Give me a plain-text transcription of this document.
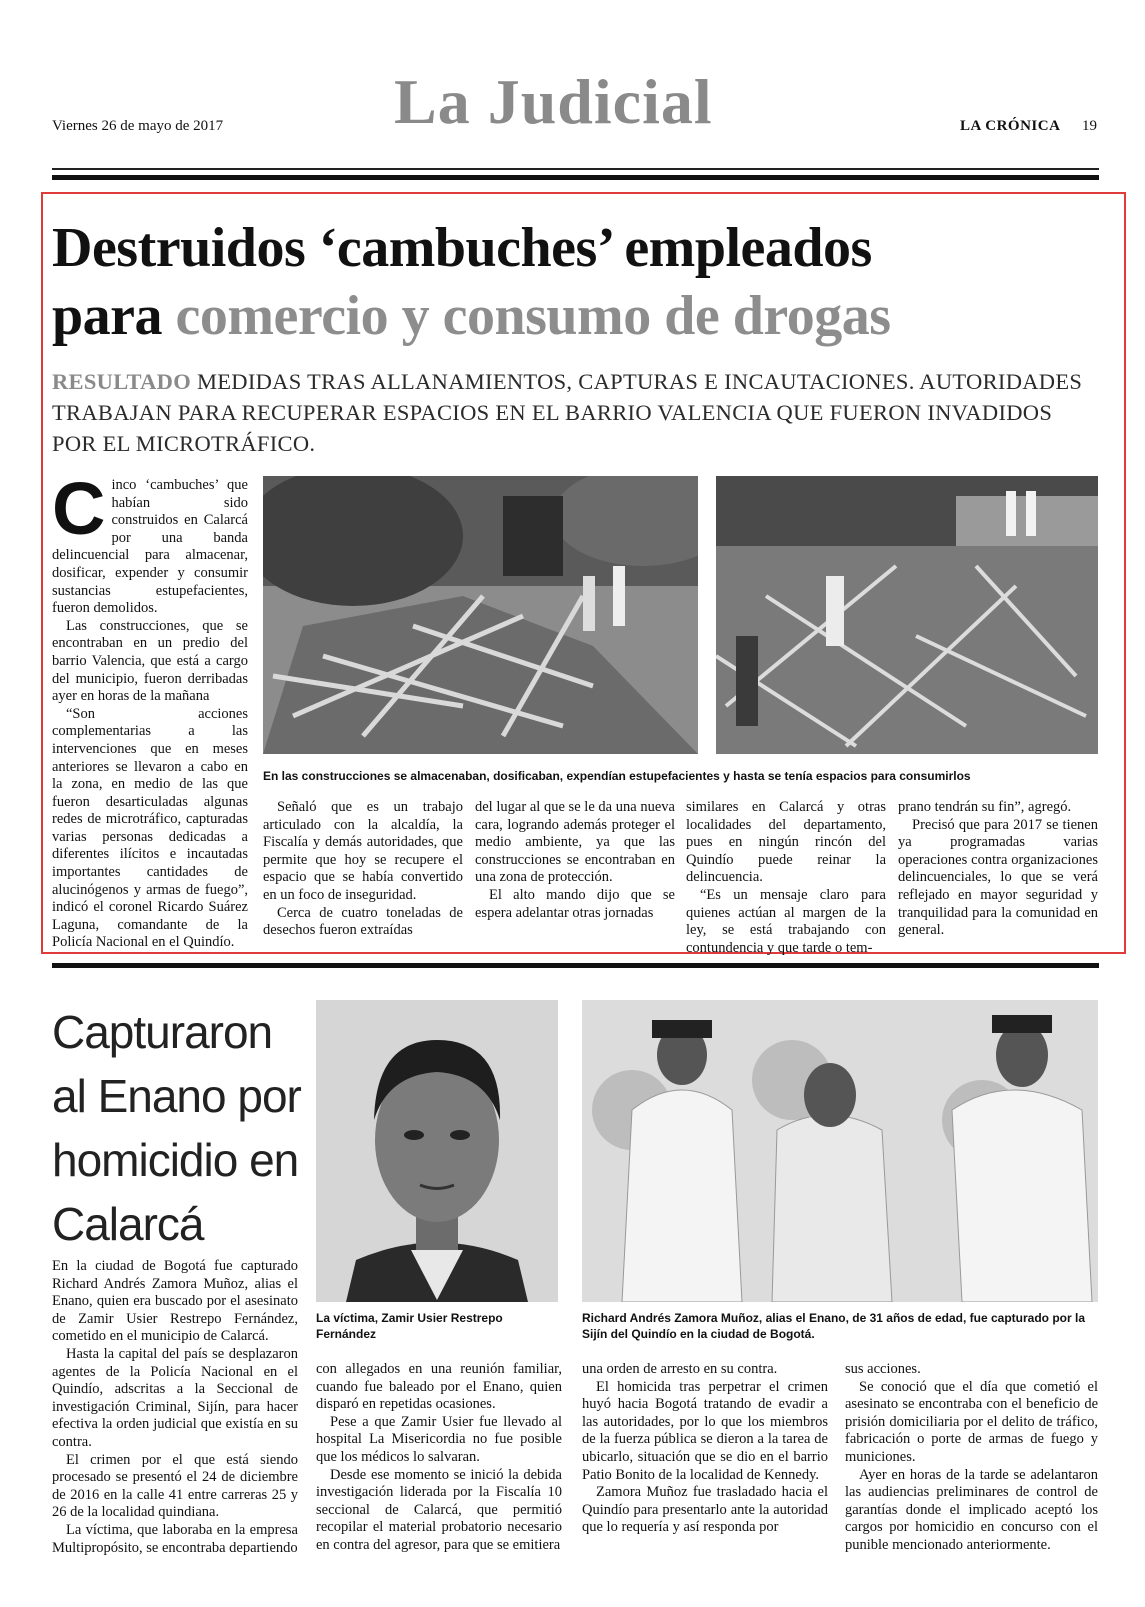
Viernes 26 de mayo de 2017	La Judicial	LA CRÓNICA 19
Destruidos ‘cambuches’ empleados
para comercio y consumo de drogas
RESULTADO MEDIDAS TRAS ALLANAMIENTOS, CAPTURAS E INCAUTACIONES. AUTORIDADES TRABAJAN PARA RECUPERAR ESPACIOS EN EL BARRIO VALENCIA QUE FUERON INVADIDOS POR EL MICROTRÁFICO.

Cinco ‘cambuches’ que habían sido construidos en Calarcá por una banda delincuencial para almacenar, dosificar, expender y consumir sustancias estupefacientes, fueron demolidos.

Las construcciones, que se encontraban en un predio del barrio Valencia, que está a cargo del municipio, fueron derribadas ayer en horas de la mañana

“Son acciones complementarias a las intervenciones que en meses anteriores se llevaron a cabo en la zona, en medio de las que fueron desarticuladas algunas redes de microtráfico, capturadas varias personas dedicadas a diferentes ilícitos e incautadas importantes cantidades de alucinógenos y armas de fuego”, indicó el coronel Ricardo Suárez Laguna, comandante de la Policía Nacional en el Quindío.

En las construcciones se almacenaban, dosificaban, expendían estupefacientes y hasta se tenía espacios para consumirlos

Señaló que es un trabajo articulado con la alcaldía, la Fiscalía y demás autoridades, que permite que hoy se recupere el espacio que se había convertido en un foco de inseguridad.

Cerca de cuatro toneladas de desechos fueron extraídas

del lugar al que se le da una nueva cara, logrando además proteger el medio ambiente, ya que las construcciones se encontraban en una zona de protección.

El alto mando dijo que se espera adelantar otras jornadas

similares en Calarcá y otras localidades del departamento, pues en ningún rincón del Quindío puede reinar la delincuencia.

“Es un mensaje claro para quienes actúan al margen de la ley, se está trabajando con contundencia y que tarde o tem-

prano tendrán su fin”, agregó.

Precisó que para 2017 se tienen ya programadas varias operaciones contra organizaciones delincuenciales, lo que se verá reflejado en mayor seguridad y tranquilidad para la comunidad en general.

Capturaron al Enano por homicidio en Calarcá

En la ciudad de Bogotá fue capturado Richard Andrés Zamora Muñoz, alias el Enano, quien era buscado por el asesinato de Zamir Usier Restrepo Fernández, cometido en el municipio de Calarcá.

Hasta la capital del país se desplazaron agentes de la Policía Nacional en el Quindío, adscritas a la Seccional de investigación Criminal, Sijín, para hacer efectiva la orden judicial que existía en su contra.

El crimen por el que está siendo procesado se presentó el 24 de diciembre de 2016 en la calle 41 entre carreras 25 y 26 de la localidad quindiana.

La víctima, que laboraba en la empresa Multipropósito, se encontraba departiendo

La víctima, Zamir Usier Restrepo Fernández
Richard Andrés Zamora Muñoz, alias el Enano, de 31 años de edad, fue capturado por la Sijín del Quindío en la ciudad de Bogotá.

con allegados en una reunión familiar, cuando fue baleado por el Enano, quien disparó en repetidas ocasiones.

Pese a que Zamir Usier fue llevado al hospital La Misericordia no fue posible que los médicos lo salvaran.

Desde ese momento se inició la debida investigación liderada por la Fiscalía 10 seccional de Calarcá, que permitió recopilar el material probatorio necesario en contra del agresor, para que se emitiera

una orden de arresto en su contra.

El homicida tras perpetrar el crimen huyó hacia Bogotá tratando de evadir a las autoridades, por lo que los miembros de la fuerza pública se dieron a la tarea de ubicarlo, situación que se dio en el barrio Patio Bonito de la localidad de Kennedy.

Zamora Muñoz fue trasladado hacia el Quindío para presentarlo ante la autoridad que lo requería y así responda por

sus acciones.

Se conoció que el día que cometió el asesinato se encontraba con el beneficio de prisión domiciliaria por el delito de tráfico, fabricación o porte de armas de fuego y municiones.

Ayer en horas de la tarde se adelantaron las audiencias preliminares de control de garantías donde el implicado aceptó los cargos por homicidio en concurso con el punible mencionado anteriormente.
